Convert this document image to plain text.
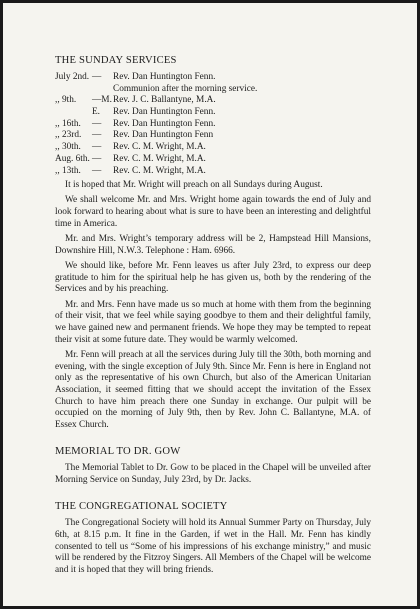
THE SUNDAY SERVICES
July 2nd. —	Rev. Dan Huntington Fenn.
Communion after the morning service.
,, 9th.	—M. Rev. J. C. Ballantyne, M.A.
E.	Rev. Dan Huntington Fenn.
,, 16th.	—	Rev. Dan Huntington Fenn.
,, 23rd.	—	Rev. Dan Huntington Fenn
,, 30th.	—	Rev. C. M. Wright, M.A.
Aug. 6th. —	Rev. C. M. Wright, M.A.
,, 13th.	—	Rev. C. M. Wright, M.A.

It is hoped that Mr. Wright will preach on all Sundays during August.

We shall welcome Mr. and Mrs. Wright home again towards the end of July and look forward to hearing about what is sure to have been an interesting and delightful time in America.

Mr. and Mrs. Wright’s temporary address will be 2, Hampstead Hill Mansions, Downshire Hill, N.W.3. Telephone : Ham. 6966.

We should like, before Mr. Fenn leaves us after July 23rd, to express our deep gratitude to him for the spiritual help he has given us, both by the rendering of the Services and by his preaching.

Mr. and Mrs. Fenn have made us so much at home with them from the beginning of their visit, that we feel while saying goodbye to them and their delightful family, we have gained new and permanent friends. We hope they may be tempted to repeat their visit at some future date. They would be warmly welcomed.

Mr. Fenn will preach at all the services during July till the 30th, both morning and evening, with the single exception of July 9th. Since Mr. Fenn is here in England not only as the representative of his own Church, but also of the American Unitarian Association, it seemed fitting that we should accept the invitation of the Essex Church to have him preach there one Sunday in exchange. Our pulpit will be occupied on the morning of July 9th, then by Rev. John C. Ballantyne, M.A. of Essex Church.

MEMORIAL TO DR. GOW

The Memorial Tablet to Dr. Gow to be placed in the Chapel will be unveiled after Morning Service on Sunday, July 23rd, by Dr. Jacks.

THE CONGREGATIONAL SOCIETY

The Congregational Society will hold its Annual Summer Party on Thursday, July 6th, at 8.15 p.m. It fine in the Garden, if wet in the Hall. Mr. Fenn has kindly consented to tell us “Some of his impressions of his exchange ministry,” and music will be rendered by the Fitzroy Singers. All Members of the Chapel will be welcome and it is hoped that they will bring friends.
